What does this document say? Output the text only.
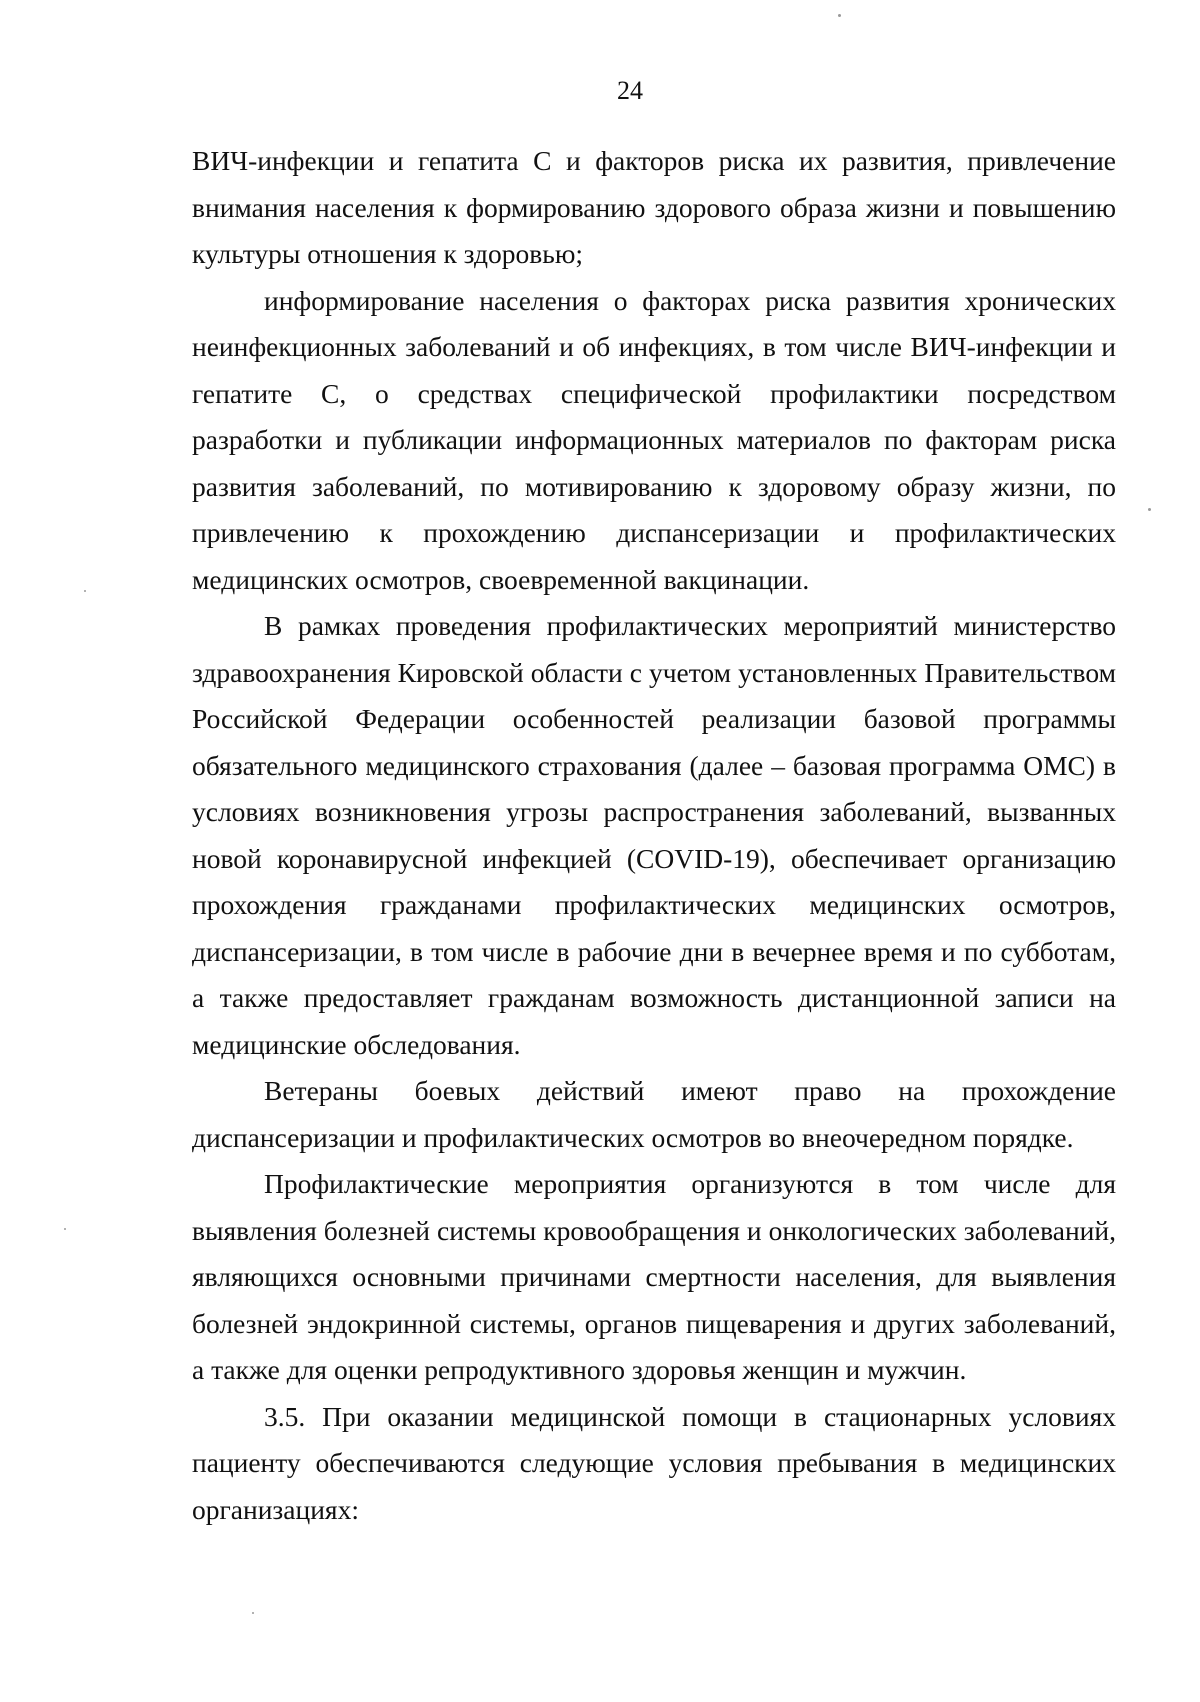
24

ВИЧ-инфекции и гепатита С и факторов риска их развития, привлечение внимания населения к формированию здорового образа жизни и повышению культуры отношения к здоровью;

информирование населения о факторах риска развития хронических неинфекционных заболеваний и об инфекциях, в том числе ВИЧ-инфекции и гепатите С, о средствах специфической профилактики посредством разработки и публикации информационных материалов по факторам риска развития заболеваний, по мотивированию к здоровому образу жизни, по привлечению к прохождению диспансеризации и профилактических медицинских осмотров, своевременной вакцинации.

В рамках проведения профилактических мероприятий министерство здравоохранения Кировской области с учетом установленных Правительством Российской Федерации особенностей реализации базовой программы обязательного медицинского страхования (далее – базовая программа ОМС) в условиях возникновения угрозы распространения заболеваний, вызванных новой коронавирусной инфекцией (COVID-19), обеспечивает организацию прохождения гражданами профилактических медицинских осмотров, диспансеризации, в том числе в рабочие дни в вечернее время и по субботам, а также предоставляет гражданам возможность дистанционной записи на медицинские обследования.

Ветераны боевых действий имеют право на прохождение диспансеризации и профилактических осмотров во внеочередном порядке.

Профилактические мероприятия организуются в том числе для выявления болезней системы кровообращения и онкологических заболеваний, являющихся основными причинами смертности населения, для выявления болезней эндокринной системы, органов пищеварения и других заболеваний, а также для оценки репродуктивного здоровья женщин и мужчин.

3.5. При оказании медицинской помощи в стационарных условиях пациенту обеспечиваются следующие условия пребывания в медицинских организациях:
